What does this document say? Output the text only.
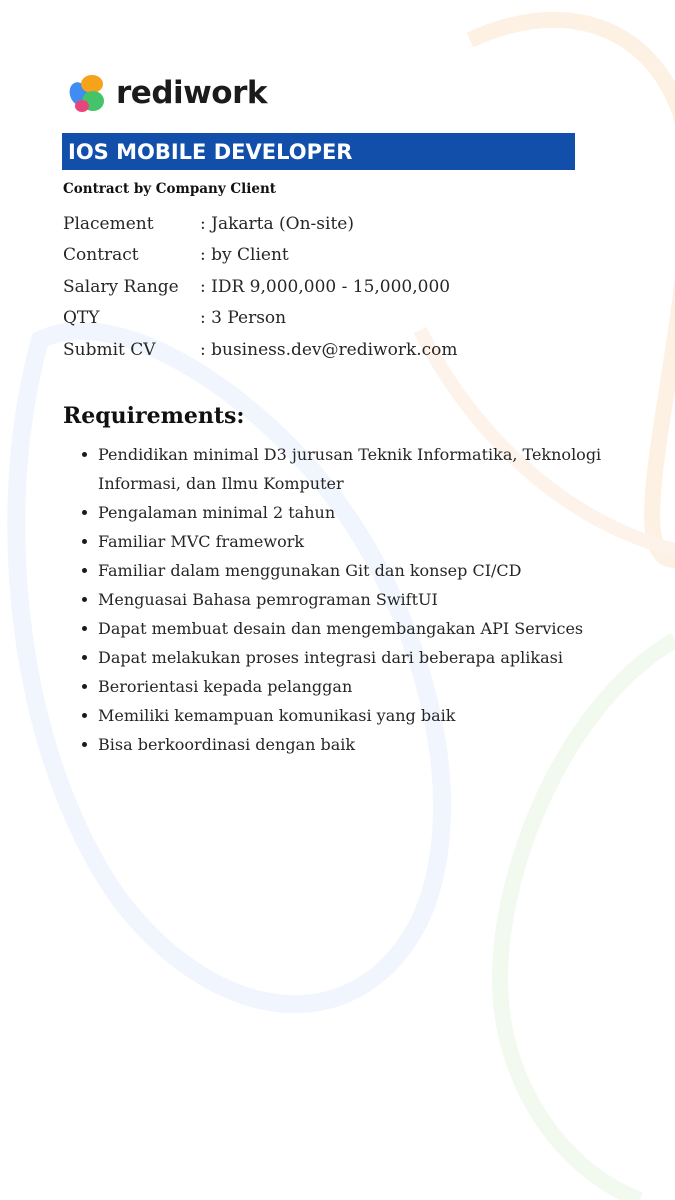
rediwork
IOS MOBILE DEVELOPER
Contract by Company Client
Placement	: Jakarta (On-site)
Contract	: by Client
Salary Range	: IDR 9,000,000 - 15,000,000
QTY	: 3 Person
Submit CV	: business.dev@rediwork.com
Requirements:
Pendidikan minimal D3 jurusan Teknik Informatika, Teknologi Informasi, dan Ilmu Komputer
Pengalaman minimal 2 tahun
Familiar MVC framework
Familiar dalam menggunakan Git dan konsep CI/CD
Menguasai Bahasa pemrograman SwiftUI
Dapat membuat desain dan mengembangakan API Services
Dapat melakukan proses integrasi dari beberapa aplikasi
Berorientasi kepada pelanggan
Memiliki kemampuan komunikasi yang baik
Bisa berkoordinasi dengan baik
